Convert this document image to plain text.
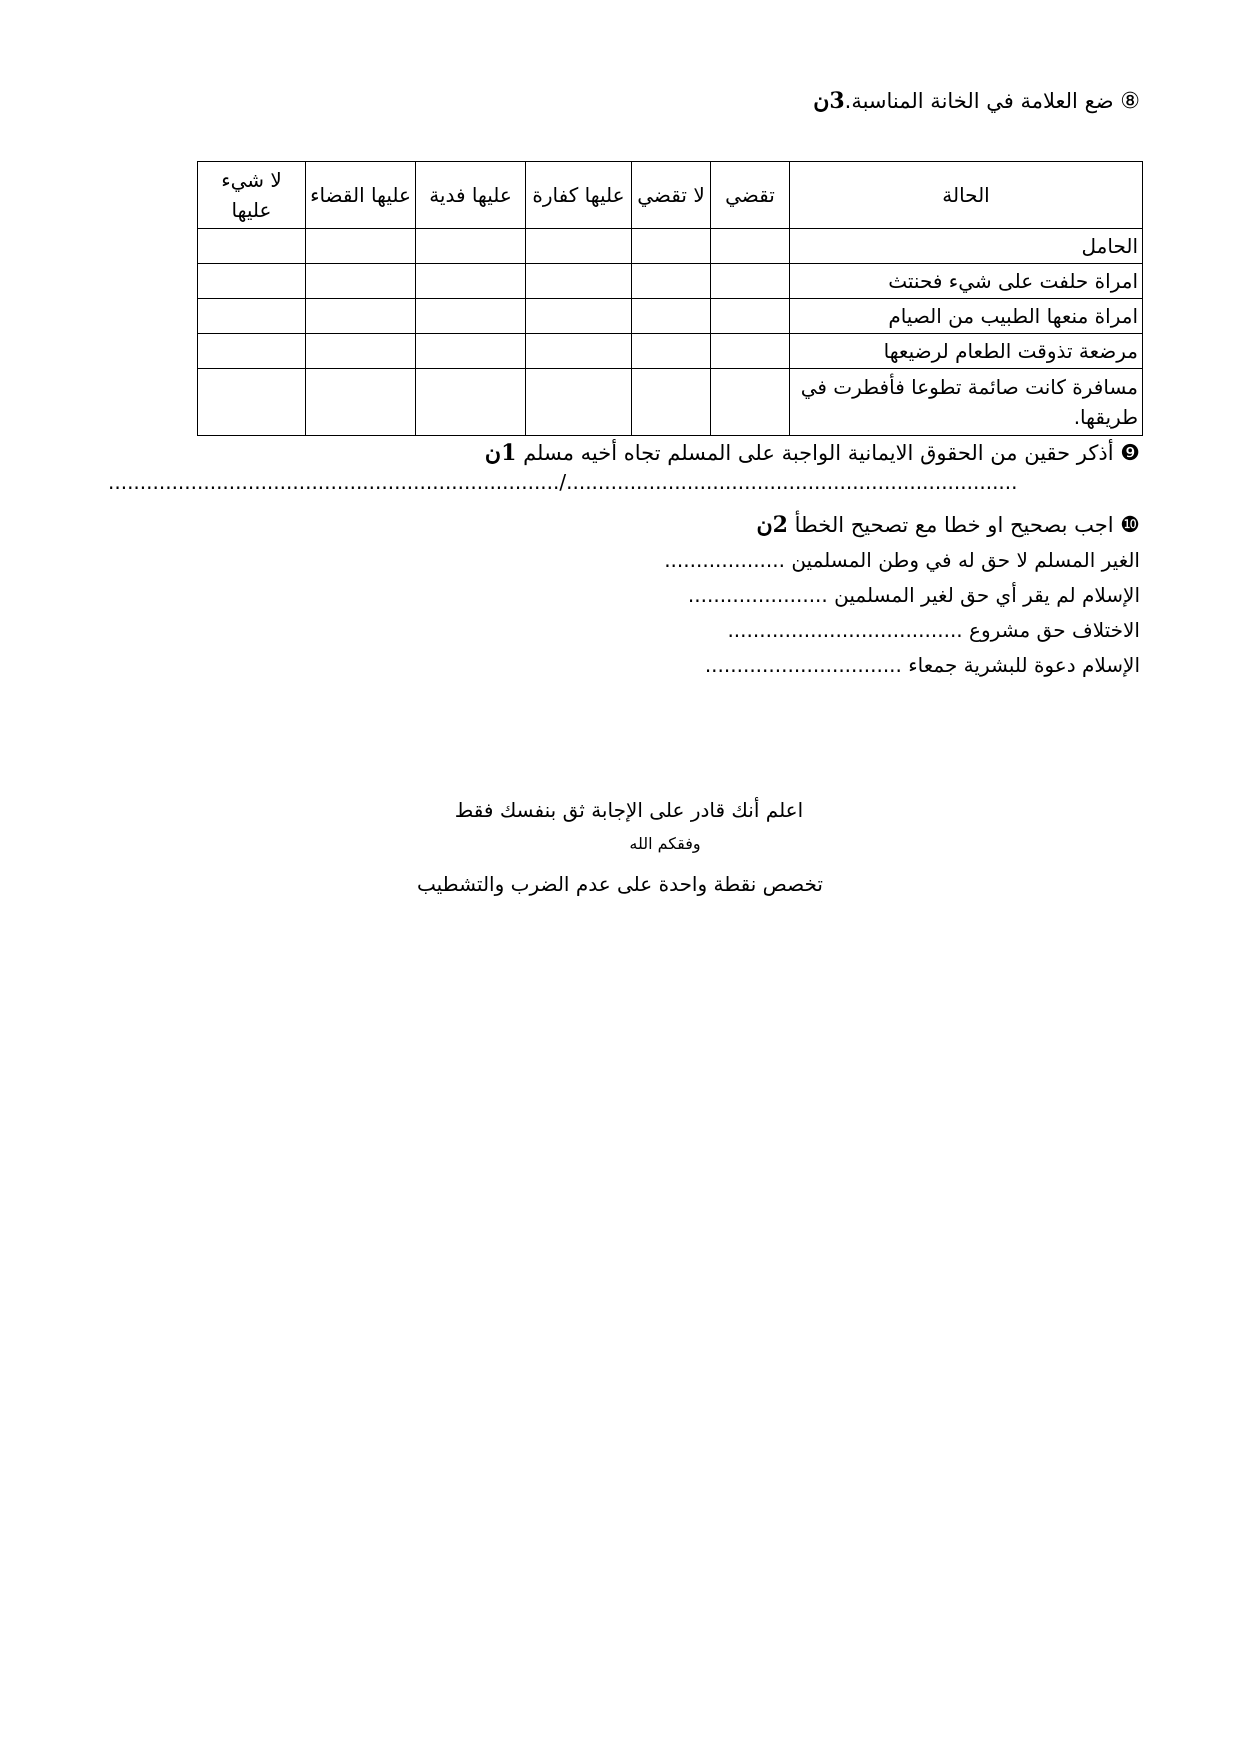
⑧ ضع العلامة في الخانة المناسبة.3ن
الحالة	تقضي	لا تقضي	عليها كفارة	عليها فدية	عليها القضاء	لا شيء عليها
الحامل						
امراة حلفت على شيء فحنتث						
امراة منعها الطبيب من الصيام						
مرضعة تذوقت الطعام لرضيعها						
مسافرة كانت صائمة تطوعا فأفطرت في طريقها.						
❾ أذكر حقين من الحقوق الايمانية الواجبة على المسلم تجاه أخيه مسلم 1ن
......................................................................./.......................................................................
❿ اجب بصحيح او خطا مع تصحيح الخطأ 2ن
الغير المسلم لا حق له في وطن المسلمين ...................
الإسلام لم يقر أي حق لغير المسلمين ......................
الاختلاف حق مشروع .....................................
الإسلام دعوة للبشرية جمعاء ...............................
اعلم أنك قادر على الإجابة ثق بنفسك فقط
وفقكم الله
تخصص نقطة واحدة على عدم الضرب والتشطيب
